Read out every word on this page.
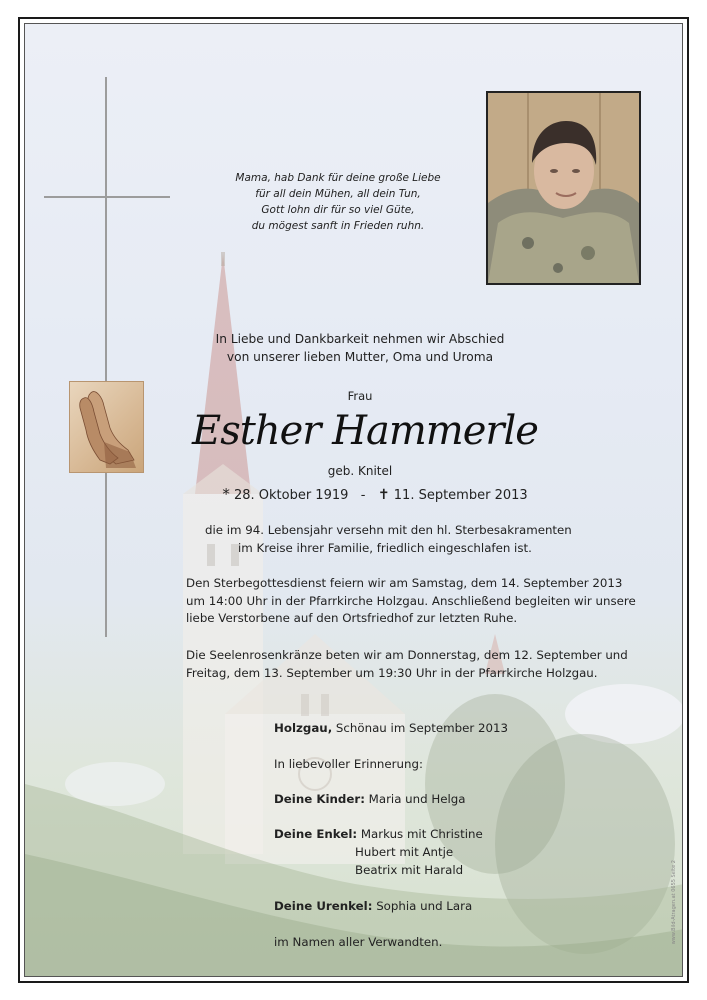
Mama, hab Dank für deine große Liebe
für all dein Mühen, all dein Tun,
Gott lohn dir für so viel Güte,
du mögest sanft in Frieden ruhn.
In Liebe und Dankbarkeit nehmen wir Abschied
von unserer lieben Mutter, Oma und Uroma
Frau
Esther Hammerle
geb. Knitel
* 28. Oktober 1919 - ✝ 11. September 2013
die im 94. Lebensjahr versehn mit den hl. Sterbesakramenten
im Kreise ihrer Familie, friedlich eingeschlafen ist.
Den Sterbegottesdienst feiern wir am Samstag, dem 14. September 2013
um 14:00 Uhr in der Pfarrkirche Holzgau. Anschließend begleiten wir unsere
liebe Verstorbene auf den Ortsfriedhof zur letzten Ruhe.
Die Seelenrosenkränze beten wir am Donnerstag, dem 12. September und
Freitag, dem 13. September um 19:30 Uhr in der Pfarrkirche Holzgau.
Holzgau, Schönau im September 2013
In liebevoller Erinnerung:
Deine Kinder: Maria und Helga
Deine Enkel: Markus mit Christine
Hubert mit Antje
Beatrix mit Harald
Deine Urenkel: Sophia und Lara
im Namen aller Verwandten.	www.Bild-Atragen.at 0655 Seite 2
